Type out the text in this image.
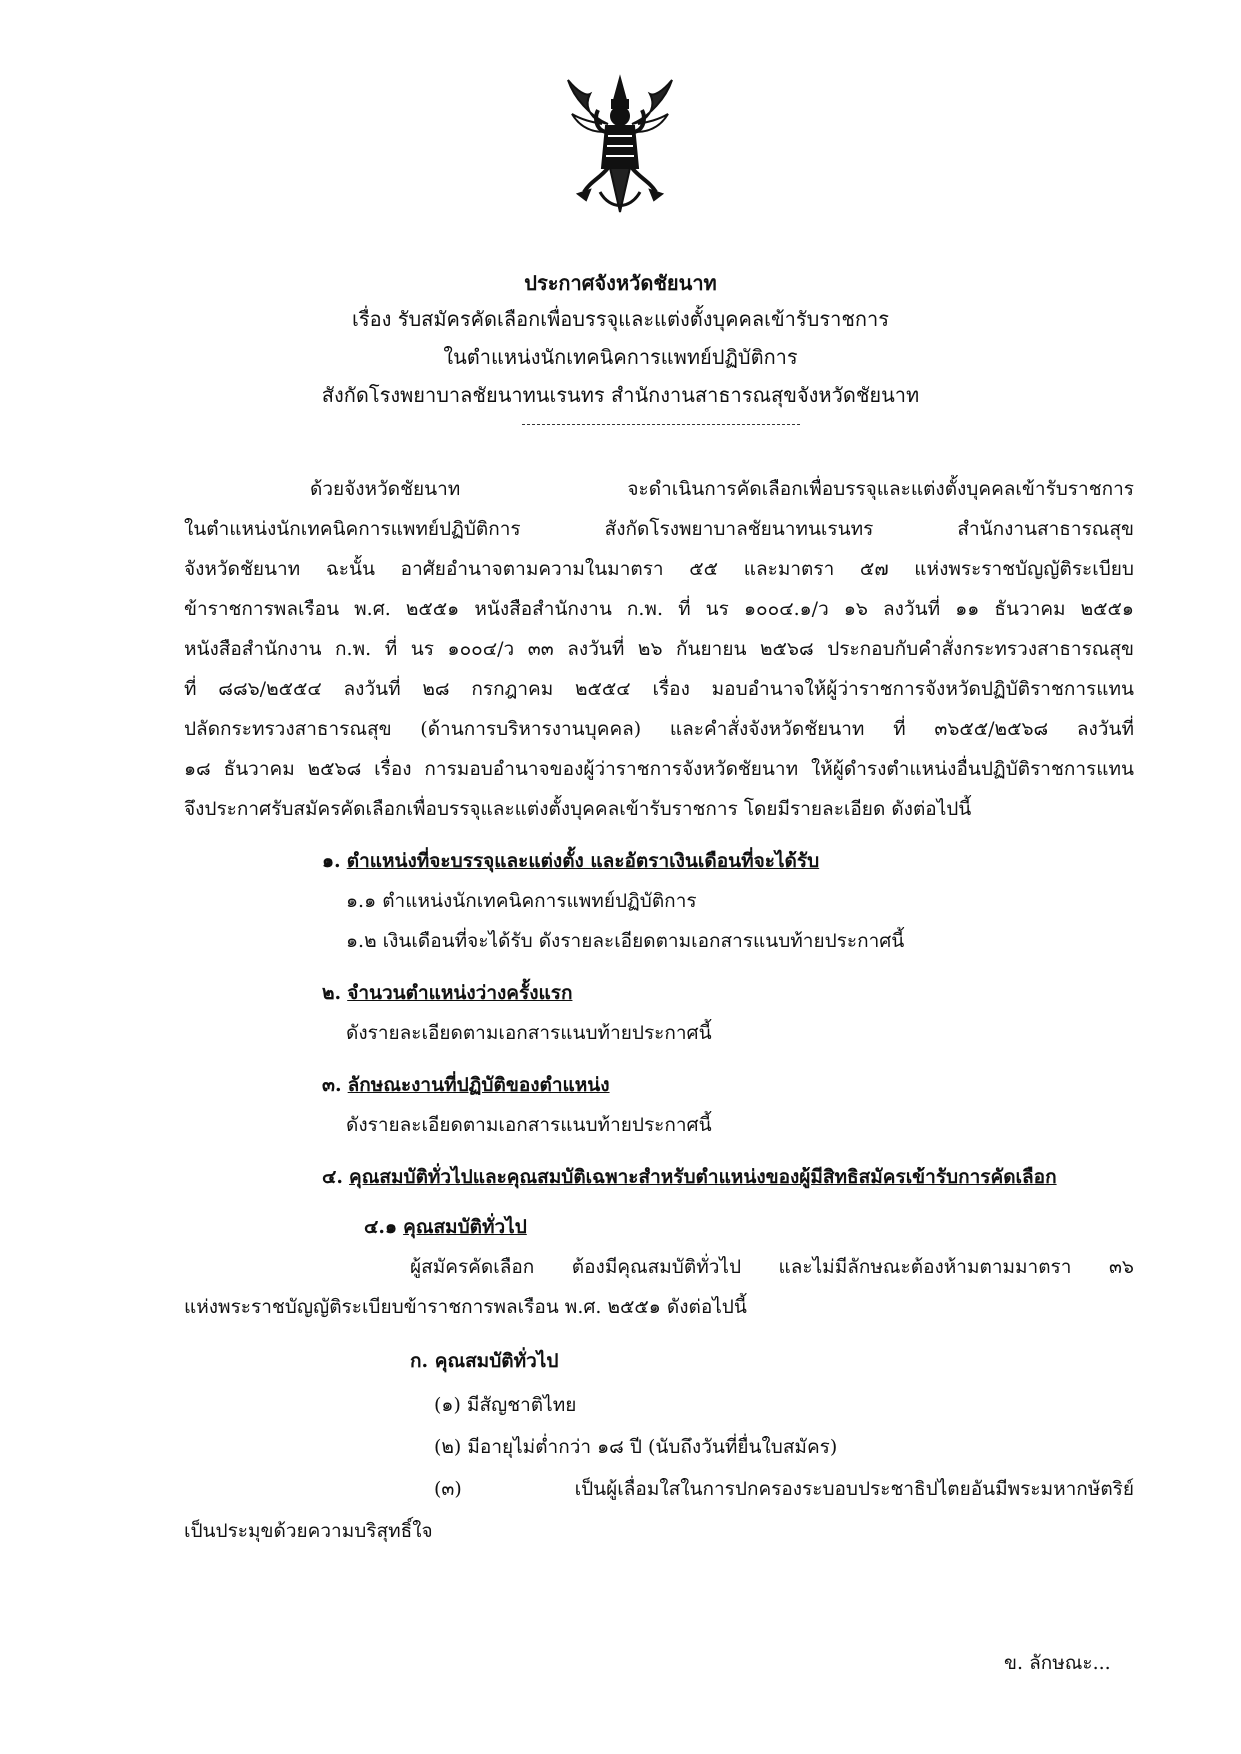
ประกาศจังหวัดชัยนาท
เรื่อง รับสมัครคัดเลือกเพื่อบรรจุและแต่งตั้งบุคคลเข้ารับราชการ
ในตำแหน่งนักเทคนิคการแพทย์ปฏิบัติการ
สังกัดโรงพยาบาลชัยนาทนเรนทร สำนักงานสาธารณสุขจังหวัดชัยนาท
ด้วยจังหวัดชัยนาท จะดำเนินการคัดเลือกเพื่อบรรจุและแต่งตั้งบุคคลเข้ารับราชการ
ในตำแหน่งนักเทคนิคการแพทย์ปฏิบัติการ สังกัดโรงพยาบาลชัยนาทนเรนทร สำนักงานสาธารณสุข
จังหวัดชัยนาท ฉะนั้น อาศัยอำนาจตามความในมาตรา ๕๕ และมาตรา ๕๗ แห่งพระราชบัญญัติระเบียบ
ข้าราชการพลเรือน พ.ศ. ๒๕๕๑ หนังสือสำนักงาน ก.พ. ที่ นร ๑๐๐๔.๑/ว ๑๖ ลงวันที่ ๑๑ ธันวาคม ๒๕๕๑
หนังสือสำนักงาน ก.พ. ที่ นร ๑๐๐๔/ว ๓๓ ลงวันที่ ๒๖ กันยายน ๒๕๖๘ ประกอบกับคำสั่งกระทรวงสาธารณสุข
ที่ ๘๘๖/๒๕๕๔ ลงวันที่ ๒๘ กรกฎาคม ๒๕๕๔ เรื่อง มอบอำนาจให้ผู้ว่าราชการจังหวัดปฏิบัติราชการแทน
ปลัดกระทรวงสาธารณสุข (ด้านการบริหารงานบุคคล) และคำสั่งจังหวัดชัยนาท ที่ ๓๖๕๕/๒๕๖๘ ลงวันที่
๑๘ ธันวาคม ๒๕๖๘ เรื่อง การมอบอำนาจของผู้ว่าราชการจังหวัดชัยนาท ให้ผู้ดำรงตำแหน่งอื่นปฏิบัติราชการแทน
จึงประกาศรับสมัครคัดเลือกเพื่อบรรจุและแต่งตั้งบุคคลเข้ารับราชการ โดยมีรายละเอียด ดังต่อไปนี้
๑. ตำแหน่งที่จะบรรจุและแต่งตั้ง และอัตราเงินเดือนที่จะได้รับ
๑.๑ ตำแหน่งนักเทคนิคการแพทย์ปฏิบัติการ
๑.๒ เงินเดือนที่จะได้รับ ดังรายละเอียดตามเอกสารแนบท้ายประกาศนี้
๒. จำนวนตำแหน่งว่างครั้งแรก
ดังรายละเอียดตามเอกสารแนบท้ายประกาศนี้
๓. ลักษณะงานที่ปฏิบัติของตำแหน่ง
ดังรายละเอียดตามเอกสารแนบท้ายประกาศนี้
๔. คุณสมบัติทั่วไปและคุณสมบัติเฉพาะสำหรับตำแหน่งของผู้มีสิทธิสมัครเข้ารับการคัดเลือก
๔.๑ คุณสมบัติทั่วไป
ผู้สมัครคัดเลือก ต้องมีคุณสมบัติทั่วไป และไม่มีลักษณะต้องห้ามตามมาตรา ๓๖
แห่งพระราชบัญญัติระเบียบข้าราชการพลเรือน พ.ศ. ๒๕๕๑ ดังต่อไปนี้
ก. คุณสมบัติทั่วไป
(๑) มีสัญชาติไทย
(๒) มีอายุไม่ต่ำกว่า ๑๘ ปี (นับถึงวันที่ยื่นใบสมัคร)
(๓) เป็นผู้เลื่อมใสในการปกครองระบอบประชาธิปไตยอันมีพระมหากษัตริย์
เป็นประมุขด้วยความบริสุทธิ์ใจ
ข. ลักษณะ...
